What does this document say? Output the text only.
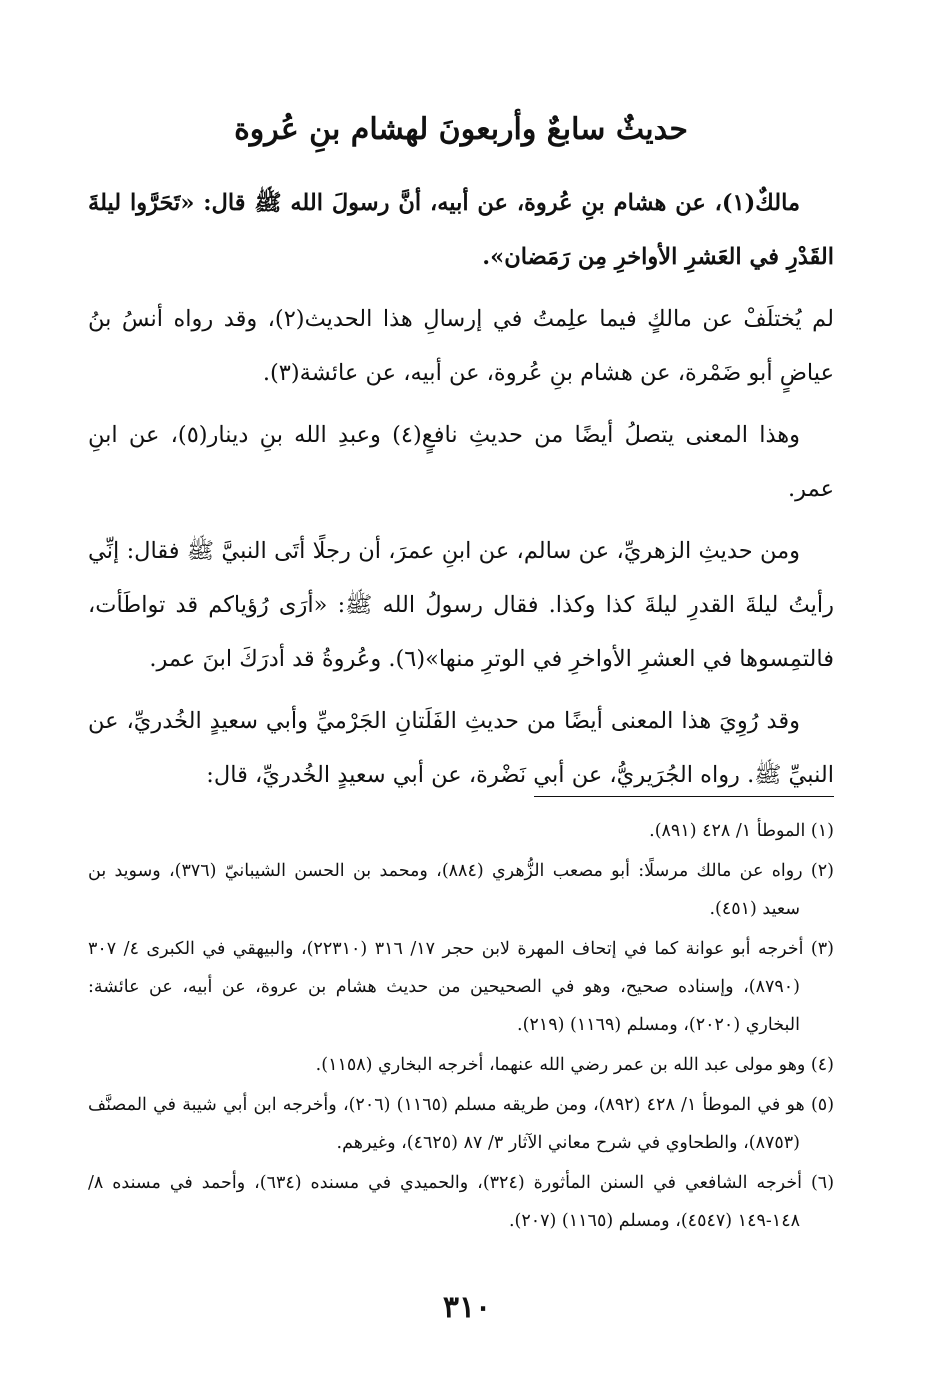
حديثٌ سابعٌ وأربعونَ لهشام بنِ عُروة

مالكٌ(١)، عن هشام بنِ عُروة، عن أبيه، أنَّ رسولَ الله ﷺ قال: «تَحَرَّوا ليلةَ القَدْرِ في العَشرِ الأواخرِ مِن رَمَضان».

لم يُختلَفْ عن مالكٍ فيما علِمتُ في إرسالِ هذا الحديث(٢)، وقد رواه أنسُ بنُ عياضٍ أبو ضَمْرة، عن هشام بنِ عُروة، عن أبيه، عن عائشة(٣).

وهذا المعنى يتصلُ أيضًا من حديثِ نافعٍ(٤) وعبدِ الله بنِ دينار(٥)، عن ابنِ عمر.

ومن حديثِ الزهريِّ، عن سالم، عن ابنِ عمرَ، أن رجلًا أتَى النبيَّ ﷺ فقال: إنِّي رأيتُ ليلةَ القدرِ ليلةَ كذا وكذا. فقال رسولُ الله ﷺ: «أرَى رُؤياكم قد تواطَأت، فالتمِسوها في العشرِ الأواخرِ في الوترِ منها»(٦). وعُروةُ قد أدرَكَ ابنَ عمر.

وقد رُوِيَ هذا المعنى أيضًا من حديثِ الفَلَتانِ الجَرْميِّ وأبي سعيدٍ الخُدريِّ، عن النبيِّ ﷺ. رواه الجُرَيريُّ، عن أبي نَضْرة، عن أبي سعيدٍ الخُدريِّ، قال:

(١) الموطأ ١/ ٤٢٨ (٨٩١).

(٢) رواه عن مالك مرسلًا: أبو مصعب الزُّهري (٨٨٤)، ومحمد بن الحسن الشيبانيّ (٣٧٦)، وسويد بن سعيد (٤٥١).

(٣) أخرجه أبو عوانة كما في إتحاف المهرة لابن حجر ١٧/ ٣١٦ (٢٢٣١٠)، والبيهقي في الكبرى ٤/ ٣٠٧ (٨٧٩٠)، وإسناده صحيح، وهو في الصحيحين من حديث هشام بن عروة، عن أبيه، عن عائشة: البخاري (٢٠٢٠)، ومسلم (١١٦٩) (٢١٩).

(٤) وهو مولى عبد الله بن عمر رضي الله عنهما، أخرجه البخاري (١١٥٨).

(٥) هو في الموطأ ١/ ٤٢٨ (٨٩٢)، ومن طريقه مسلم (١١٦٥) (٢٠٦)، وأخرجه ابن أبي شيبة في المصنَّف (٨٧٥٣)، والطحاوي في شرح معاني الآثار ٣/ ٨٧ (٤٦٢٥)، وغيرهم.

(٦) أخرجه الشافعي في السنن المأثورة (٣٢٤)، والحميدي في مسنده (٦٣٤)، وأحمد في مسنده ٨/ ١٤٨-١٤٩ (٤٥٤٧)، ومسلم (١١٦٥) (٢٠٧).

٣١٠
